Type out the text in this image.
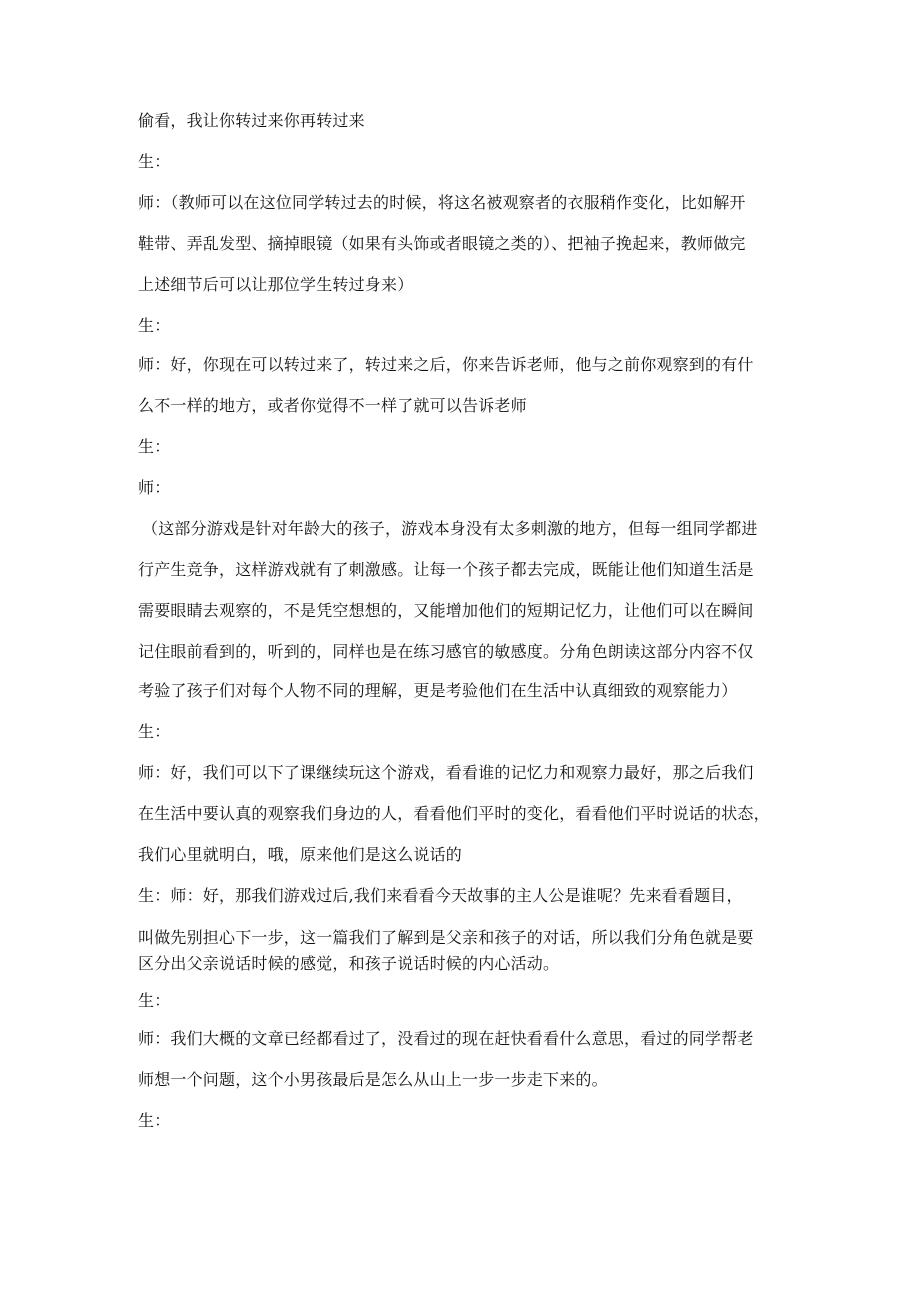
偷看，我让你转过来你再转过来
生：
师：（教师可以在这位同学转过去的时候，将这名被观察者的衣服稍作变化，比如解开
鞋带、弄乱发型、摘掉眼镜（如果有头饰或者眼镜之类的）、把袖子挽起来，教师做完
上述细节后可以让那位学生转过身来）
生：
师：好，你现在可以转过来了，转过来之后，你来告诉老师，他与之前你观察到的有什
么不一样的地方，或者你觉得不一样了就可以告诉老师
生：
师：
（这部分游戏是针对年龄大的孩子，游戏本身没有太多刺激的地方，但每一组同学都进
行产生竞争，这样游戏就有了刺激感。让每一个孩子都去完成，既能让他们知道生活是
需要眼睛去观察的，不是凭空想想的，又能增加他们的短期记忆力，让他们可以在瞬间
记住眼前看到的，听到的，同样也是在练习感官的敏感度。分角色朗读这部分内容不仅
考验了孩子们对每个人物不同的理解，更是考验他们在生活中认真细致的观察能力）
生：
师：好，我们可以下了课继续玩这个游戏，看看谁的记忆力和观察力最好，那之后我们
在生活中要认真的观察我们身边的人，看看他们平时的变化，看看他们平时说话的状态，
我们心里就明白，哦，原来他们是这么说话的
生：师：好，那我们游戏过后,我们来看看今天故事的主人公是谁呢？先来看看题目，
叫做先别担心下一步，这一篇我们了解到是父亲和孩子的对话，所以我们分角色就是要
区分出父亲说话时候的感觉，和孩子说话时候的内心活动。
生：
师：我们大概的文章已经都看过了，没看过的现在赶快看看什么意思，看过的同学帮老
师想一个问题，这个小男孩最后是怎么从山上一步一步走下来的。
生：
